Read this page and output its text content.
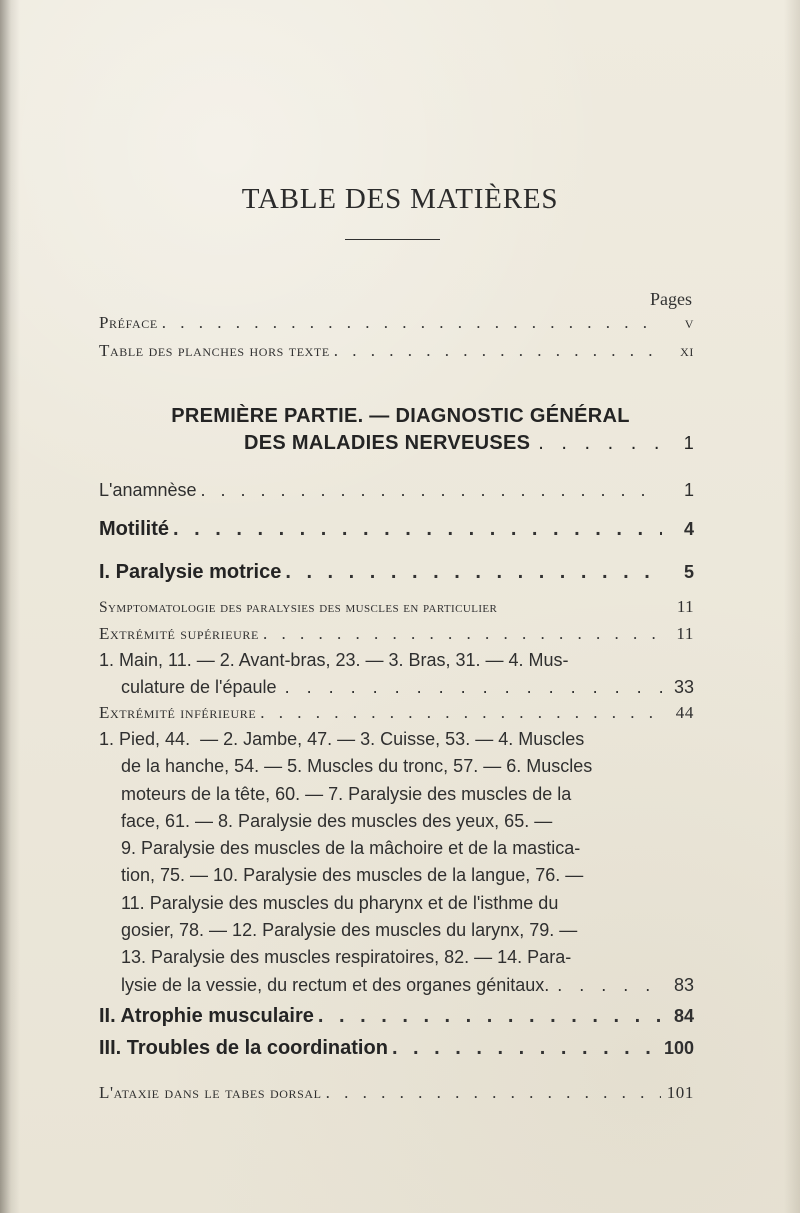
TABLE DES MATIÈRES
Pages
Préface . . .	v
Table des planches hors texte . . .	xi
PREMIÈRE PARTIE. — DIAGNOSTIC GÉNÉRAL
DES MALADIES NERVEUSES . . .	1
L'anamnèse . . .	1
Motilité . . .	4
I. Paralysie motrice . . .	5
Symptomatologie des paralysies des muscles en particulier	11
Extrémité supérieure . . .	11
1. Main, 11. — 2. Avant-bras, 23. — 3. Bras, 31. — 4. Mus-
culature de l'épaule . . .	33
Extrémité inférieure . . .	44
1. Pied, 44.  — 2. Jambe, 47. — 3. Cuisse, 53. — 4. Muscles
de la hanche, 54. — 5. Muscles du tronc, 57. — 6. Muscles
moteurs de la tête, 60. — 7. Paralysie des muscles de la
face, 61. — 8. Paralysie des muscles des yeux, 65. —
9. Paralysie des muscles de la mâchoire et de la mastica-
tion, 75. — 10. Paralysie des muscles de la langue, 76. —
11. Paralysie des muscles du pharynx et de l'isthme du
gosier, 78. — 12. Paralysie des muscles du larynx, 79. —
13. Paralysie des muscles respiratoires, 82. — 14. Para-
lysie de la vessie, du rectum et des organes génitaux. . . .	83
II. Atrophie musculaire . . .	84
III. Troubles de la coordination . . .	100
L'ataxie dans le tabes dorsal . . .	101
